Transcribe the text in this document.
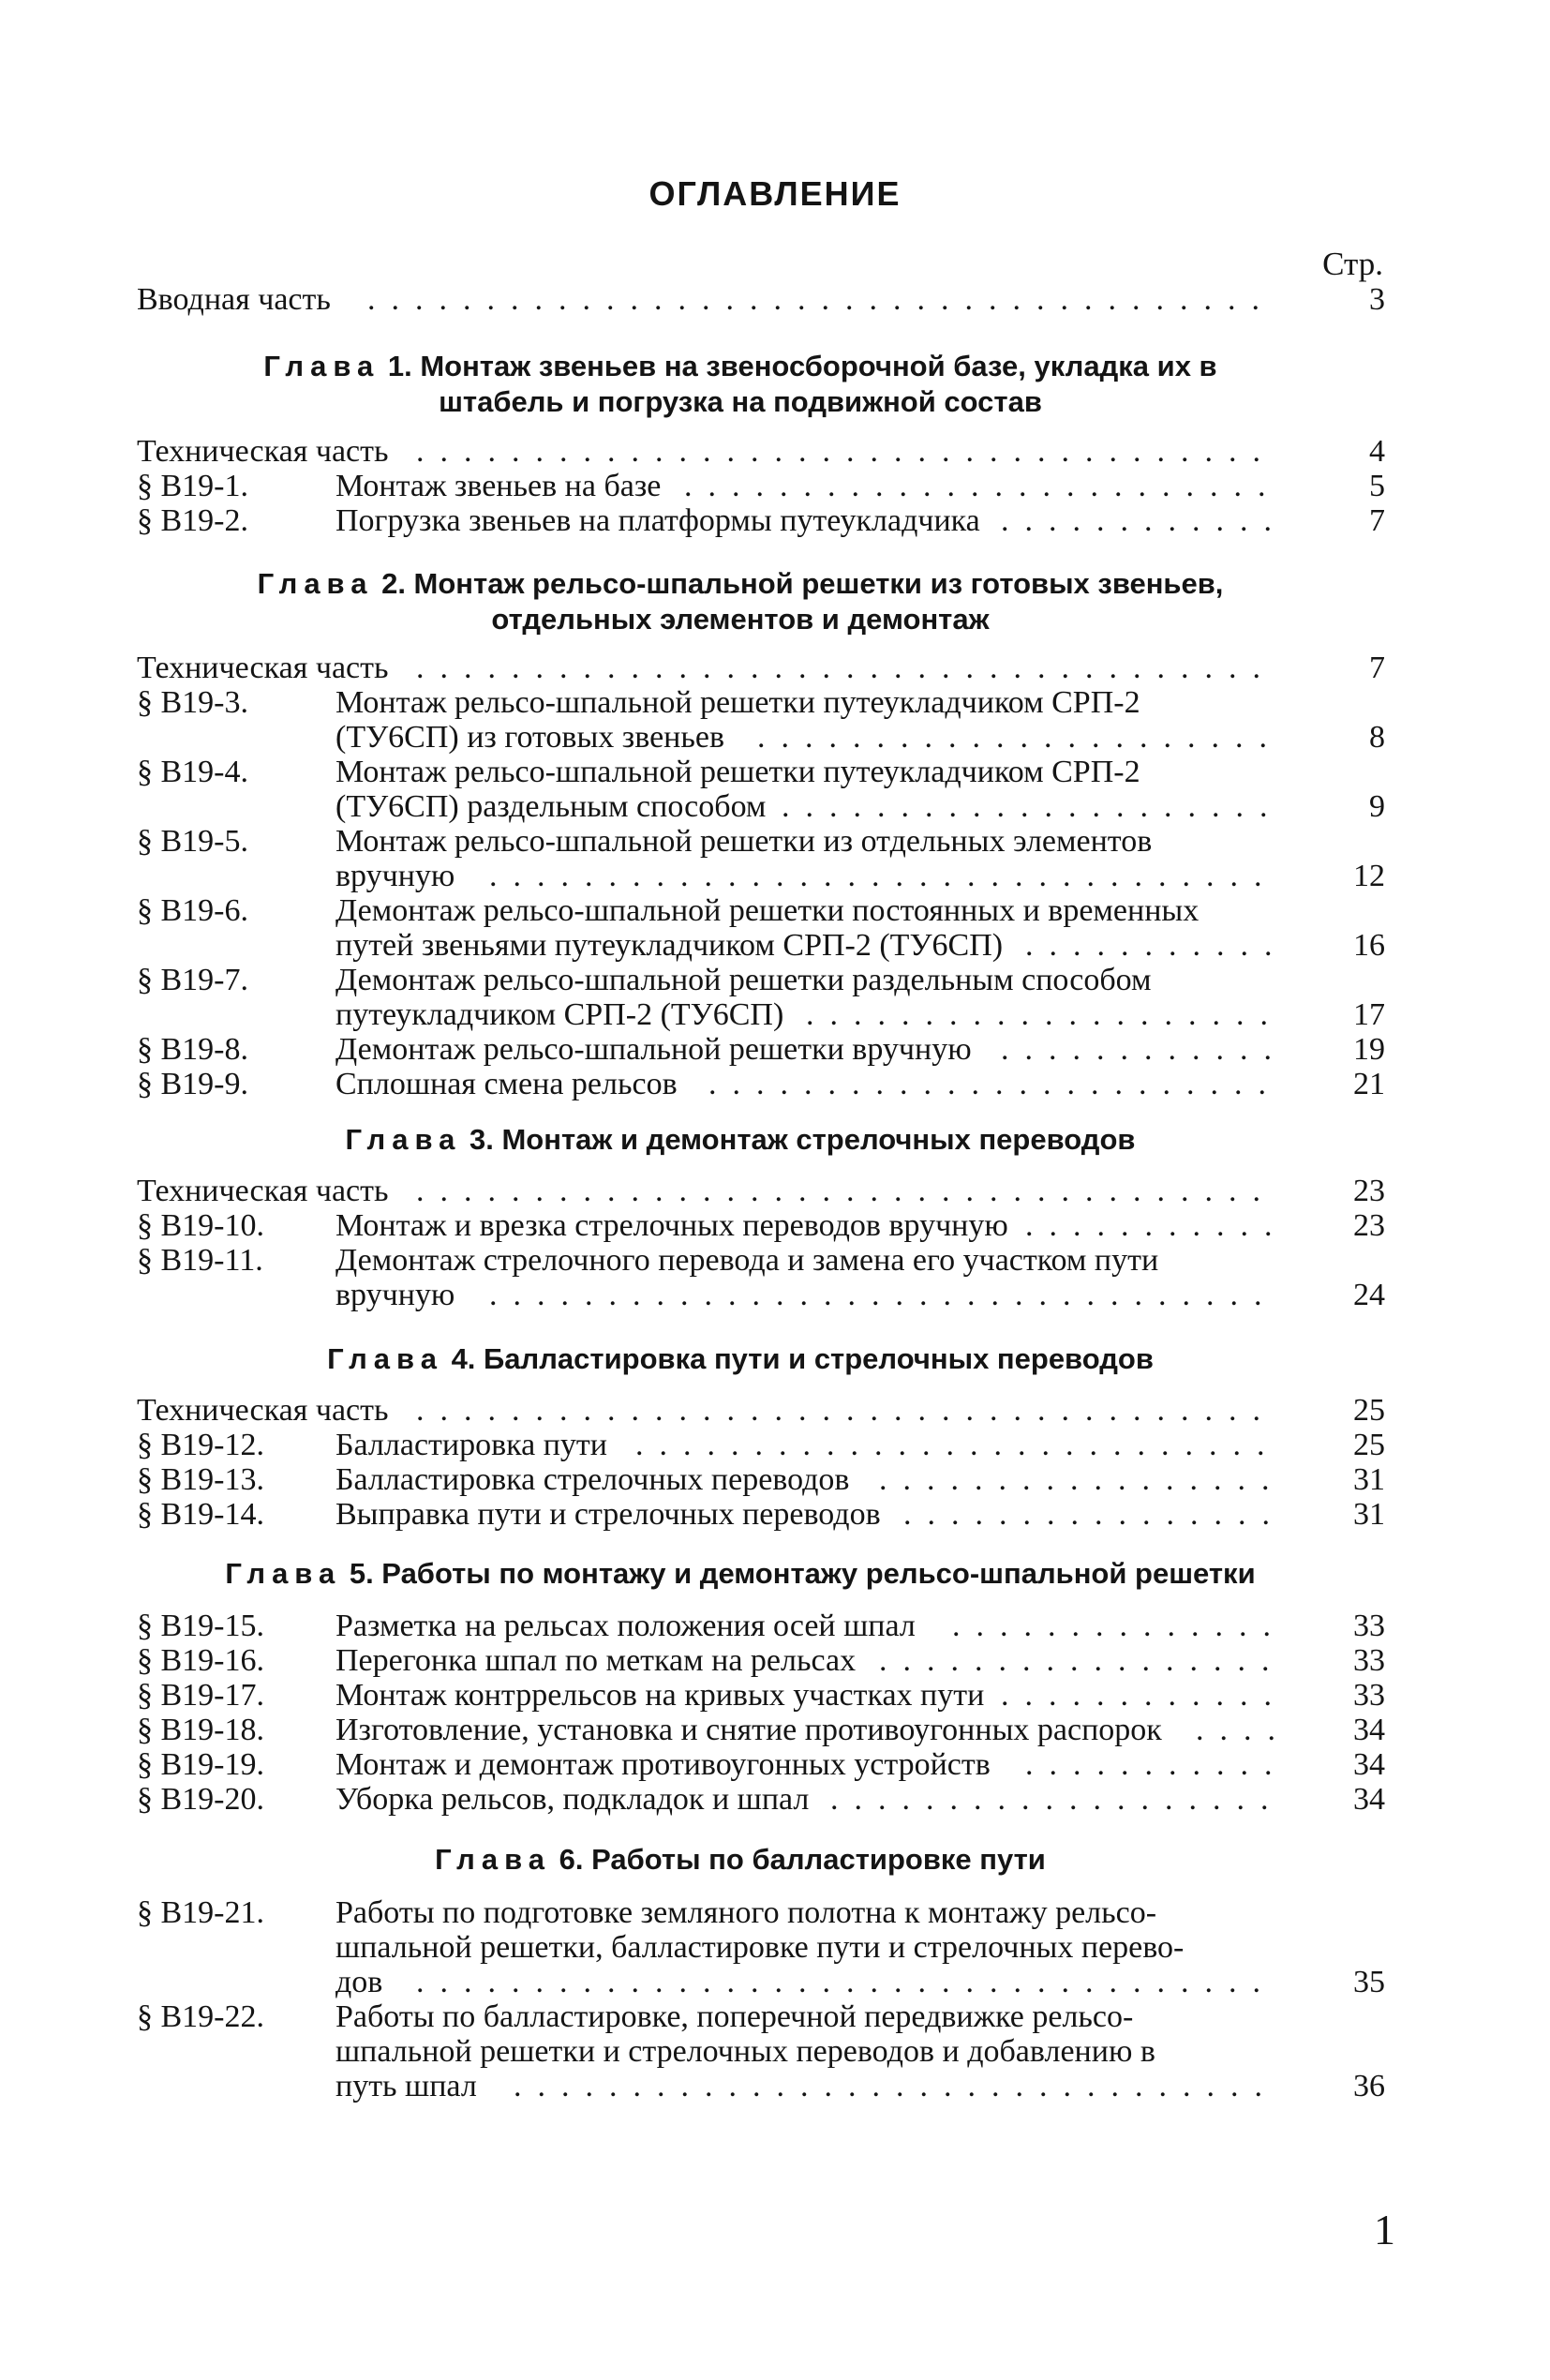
ОГЛАВЛЕНИЕ
Стр.
Вводная часть	3
......................................
Глава 1. Монтаж звеньев на звеносборочной базе, укладка их в
штабель и погрузка на подвижной состав
Техническая часть	4
....................................
§ В19-1.	Монтаж звеньев на базе	5
.........................
§ В19-2.	Погрузка звеньев на платформы путеукладчика	7
............
Глава 2. Монтаж рельсо-шпальной решетки из готовых звеньев,
отдельных элементов и демонтаж
Техническая часть	7
....................................
§ В19-3.	Монтаж рельсо-шпальной решетки путеукладчиком СРП-2
(ТУ6СП) из готовых звеньев	8
......................
§ В19-4.	Монтаж рельсо-шпальной решетки путеукладчиком СРП-2
(ТУ6СП) раздельным способом	9
.....................
§ В19-5.	Монтаж рельсо-шпальной решетки из отдельных элементов
вручную	12
.................................
§ В19-6.	Демонтаж рельсо-шпальной решетки постоянных и временных
путей звеньями путеукладчиком СРП-2 (ТУ6СП)	16
...........
§ В19-7.	Демонтаж рельсо-шпальной решетки раздельным способом
путеукладчиком СРП-2 (ТУ6СП)	17
....................
§ В19-8.	Демонтаж рельсо-шпальной решетки вручную	19
............
§ В19-9.	Сплошная смена рельсов	21
........................
Глава 3. Монтаж и демонтаж стрелочных переводов
Техническая часть	23
....................................
§ В19-10. Монтаж и врезка стрелочных переводов вручную	23
...........
§ В19-11. Демонтаж стрелочного перевода и замена его участком пути
вручную	24
.................................
Глава 4. Балластировка пути и стрелочных переводов
Техническая часть	25
....................................
§ В19-12. Балластировка пути	25
...........................
§ В19-13. Балластировка стрелочных переводов	31
.................
§ В19-14. Выправка пути и стрелочных переводов	31
................
Глава 5. Работы по монтажу и демонтажу рельсо-шпальной решетки
§ В19-15. Разметка на рельсах положения осей шпал	33
..............
§ В19-16. Перегонка шпал по меткам на рельсах	33
.................
§ В19-17. Монтаж контррельсов на кривых участках пути	33
............
§ В19-18. Изготовление, установка и снятие противоугонных распорок	34
....
§ В19-19. Монтаж и демонтаж противоугонных устройств	34
...........
§ В19-20. Уборка рельсов, подкладок и шпал	34
...................
Глава 6. Работы по балластировке пути
§ В19-21. Работы по подготовке земляного полотна к монтажу рельсо-
шпальной решетки, балластировке пути и стрелочных перево-
дов	35
....................................
§ В19-22. Работы по балластировке, поперечной передвижке рельсо-
шпальной решетки и стрелочных переводов и добавлению в
путь шпал	36
................................
1
